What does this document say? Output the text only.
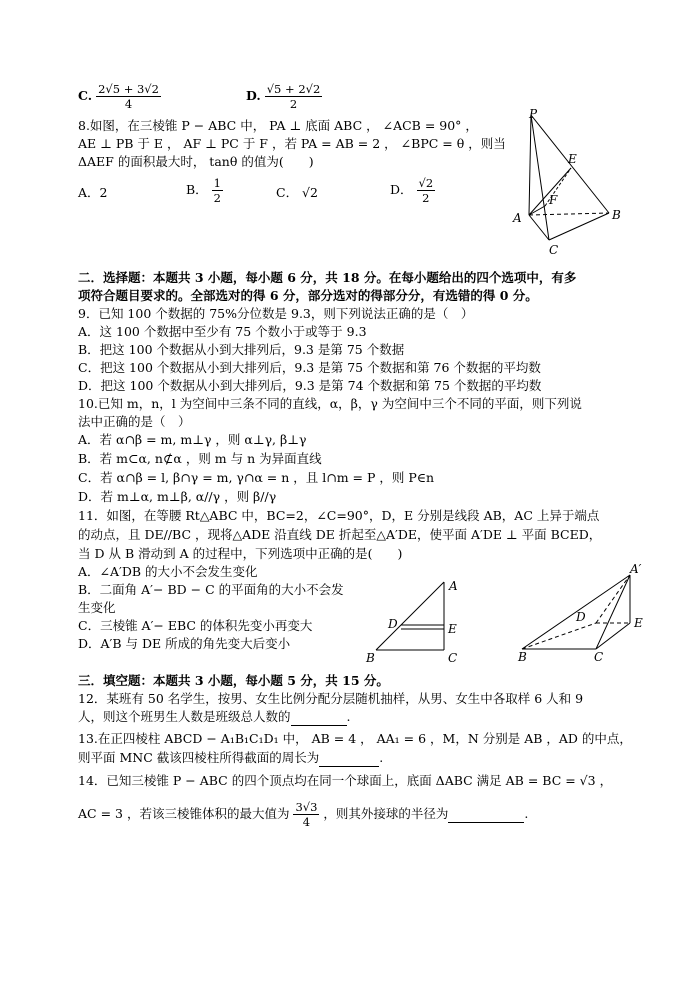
C. $\frac{2√5 + 3√2}{4}$	D. $\frac{√5 + 2√2}{2}$
8.如图，在三棱锥 P − ABC 中， PA ⊥ 底面 ABC ， ∠ACB = 90° ，
AE ⊥ PB 于 E ， AF ⊥ PC 于 F ，若 PA = AB = 2 ， ∠BPC = θ ，则当
ΔAEF 的面积最大时， tanθ 的值为(　　)
A．2	B． $\frac{1}{2}$	C． √2	D． $\frac{√2}{2}$
P
E
F
A	B
C
二．选择题：本题共 3 小题，每小题 6 分，共 18 分。在每小题给出的四个选项中，有多
项符合题目要求的。全部选对的得 6 分，部分选对的得部分分，有选错的得 0 分。
9．已知 100 个数据的 75%分位数是 9.3，则下列说法正确的是（　）
A．这 100 个数据中至少有 75 个数小于或等于 9.3
B．把这 100 个数据从小到大排列后，9.3 是第 75 个数据
C．把这 100 个数据从小到大排列后，9.3 是第 75 个数据和第 76 个数据的平均数
D．把这 100 个数据从小到大排列后，9.3 是第 74 个数据和第 75 个数据的平均数
10.已知 m，n，l 为空间中三条不同的直线，α，β，γ 为空间中三个不同的平面，则下列说
法中正确的是（　）
A．若 α∩β = m, m⊥γ ，则 α⊥γ, β⊥γ
B．若 m⊂α, n⊄α ，则 m 与 n 为异面直线
C．若 α∩β = l, β∩γ = m, γ∩α = n ，且 l∩m = P ，则 P∈n
D．若 m⊥α, m⊥β, α//γ ，则 β//γ
11．如图，在等腰 Rt△ABC 中，BC=2，∠C=90°，D，E 分别是线段 AB，AC 上异于端点
的动点，且 DE//BC ，现将△ADE 沿直线 DE 折起至△A′DE，使平面 A′DE ⊥ 平面 BCED，
当 D 从 B 滑动到 A 的过程中，下列选项中正确的是(　　)
A．∠A′DB 的大小不会发生变化
B．二面角 A′− BD − C 的平面角的大小不会发
生变化
C．三棱锥 A′− EBC 的体积先变小再变大
D．A′B 与 DE 所成的角先变大后变小
A
D	E
B	C
A′
D	E
B	C
三．填空题：本题共 3 小题，每小题 5 分，共 15 分。
12．某班有 50 名学生，按男、女生比例分配分层随机抽样，从男、女生中各取样 6 人和 9
人，则这个班男生人数是班级总人数的	.
13.在正四棱柱 ABCD − A₁B₁C₁D₁ 中， AB = 4 ， AA₁ = 6 ，M，N 分别是 AB ，AD 的中点，
则平面 MNC 截该四棱柱所得截面的周长为	.
14．已知三棱锥 P − ABC 的四个顶点均在同一个球面上，底面 ΔABC 满足 AB = BC = √3 ，
AC = 3 ，若该三棱锥体积的最大值为 $\frac{3√3}{4}$ ，则其外接球的半径为	.
